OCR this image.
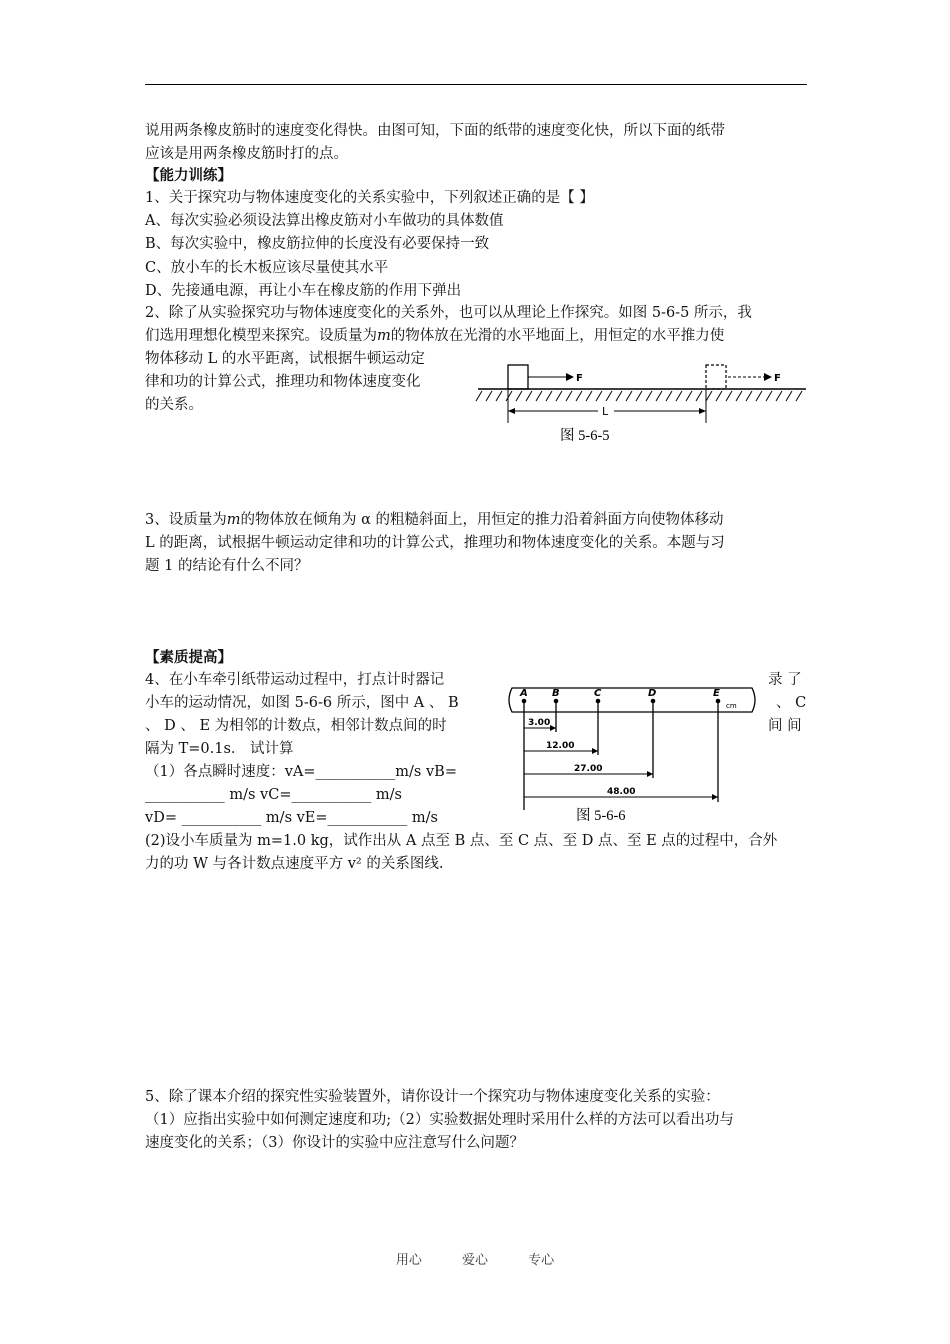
说用两条橡皮筋时的速度变化得快。由图可知，下面的纸带的速度变化快，所以下面的纸带
应该是用两条橡皮筋时打的点。
【能力训练】
1、关于探究功与物体速度变化的关系实验中，下列叙述正确的是【 】
A、每次实验必须设法算出橡皮筋对小车做功的具体数值
B、每次实验中，橡皮筋拉伸的长度没有必要保持一致
C、放小车的长木板应该尽量使其水平
D、先接通电源，再让小车在橡皮筋的作用下弹出
2、除了从实验探究功与物体速度变化的关系外，也可以从理论上作探究。如图 5-6-5 所示，我
们选用理想化模型来探究。设质量为m的物体放在光滑的水平地面上，用恒定的水平推力使
物体移动 L 的水平距离，试根据牛顿运动定
律和功的计算公式，推理功和物体速度变化
的关系。
F	F
L
图 5-6-5
3、设质量为m的物体放在倾角为 α 的粗糙斜面上，用恒定的推力沿着斜面方向使物体移动
L 的距离，试根据牛顿运动定律和功的计算公式，推理功和物体速度变化的关系。本题与习
题 1 的结论有什么不同？
【素质提高】
4、在小车牵引纸带运动过程中，打点计时器记	录 了
小车的运动情况，如图 5-6-6 所示，图中 A 、 B	、 C
、 D 、 E 为相邻的计数点，相邻计数点间的时	间 间
隔为 T=0.1s． 试计算
（1）各点瞬时速度：vA=___________m/s vB=
___________ m/s vC=___________ m/s
vD= ___________ m/s vE=___________ m/s
(2)设小车质量为 m=1.0 kg，试作出从 A 点至 B 点、至 C 点、至 D 点、至 E 点的过程中，合外
力的功 W 与各计数点速度平方 v² 的关系图线.
A B	C	D	E
cm
3.00
12.00
27.00
48.00
图 5-6-6
5、除了课本介绍的探究性实验装置外，请你设计一个探究功与物体速度变化关系的实验：
（1）应指出实验中如何测定速度和功;（2）实验数据处理时采用什么样的方法可以看出功与
速度变化的关系；（3）你设计的实验中应注意写什么问题？
用心	爱心	专心
